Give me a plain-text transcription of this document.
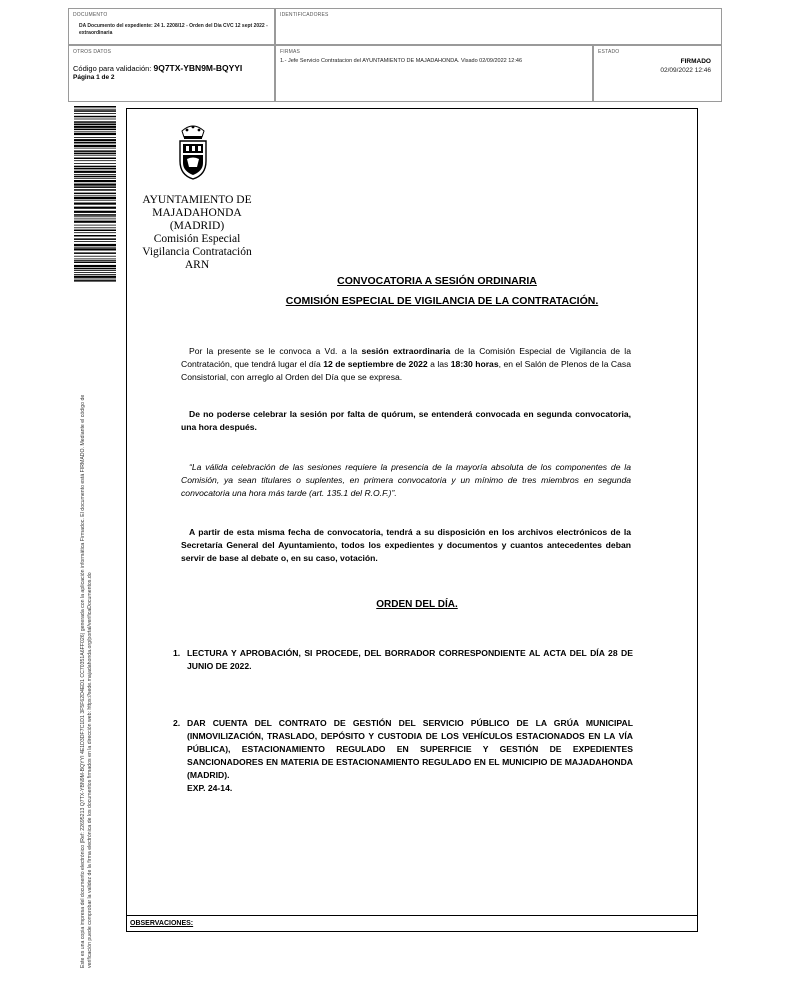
DOCUMENTO
DA Documento del expediente: 24 1. 2208/12 - Orden del Día CVC 12 sept 2022 - extraordinaria
IDENTIFICADORES
OTROS DATOS
Código para validación: 9Q7TX-YBN9M-BQYYI
Página 1 de 2
FIRMAS
1.- Jefe Servicio Contratacion del AYUNTAMIENTO DE MAJADAHONDA. Visado 02/09/2022 12:46
ESTADO
FIRMADO
02/09/2022 12:46
Este es una copia impresa del documento electrónico (Ref: 22695213 Q7TX-YBN9M-BQYYI 4E1D3DF7C1D1 3F5F62D4ED1 CC70351A6FF026) generada con la aplicación informática Firmadoc. El documento está FIRMADO. Mediante el código de verificación puede comprobar la validez de la firma electrónica de los documentos firmados en la dirección web: https://sede.majadahonda.org/portal/verificaDocumentos.do
AYUNTAMIENTO DE
MAJADAHONDA
(MADRID)
Comisión Especial
Vigilancia Contratación
ARN
CONVOCATORIA A SESIÓN ORDINARIA
COMISIÓN ESPECIAL DE VIGILANCIA DE LA CONTRATACIÓN.
Por la presente se le convoca a Vd. a la sesión extraordinaria de la Comisión Especial de Vigilancia de la Contratación, que tendrá lugar el día 12 de septiembre de 2022 a las 18:30 horas, en el Salón de Plenos de la Casa Consistorial, con arreglo al Orden del Día que se expresa.
De no poderse celebrar la sesión por falta de quórum, se entenderá convocada en segunda convocatoria, una hora después.
“La válida celebración de las sesiones requiere la presencia de la mayoría absoluta de los componentes de la Comisión, ya sean titulares o suplentes, en primera convocatoria y un mínimo de tres miembros en segunda convocatoria una hora más tarde (art. 135.1 del R.O.F.)”.
A partir de esta misma fecha de convocatoria, tendrá a su disposición en los archivos electrónicos de la Secretaría General del Ayuntamiento, todos los expedientes y documentos y cuantos antecedentes deban servir de base al debate o, en su caso, votación.
ORDEN DEL DÍA.
1. LECTURA Y APROBACIÓN, SI PROCEDE, DEL BORRADOR CORRESPONDIENTE AL ACTA DEL DÍA 28 DE JUNIO DE 2022.
2. DAR CUENTA DEL CONTRATO DE GESTIÓN DEL SERVICIO PÚBLICO DE LA GRÚA MUNICIPAL (INMOVILIZACIÓN, TRASLADO, DEPÓSITO Y CUSTODIA DE LOS VEHÍCULOS ESTACIONADOS EN LA VÍA PÚBLICA), ESTACIONAMIENTO REGULADO EN SUPERFICIE Y GESTIÓN DE EXPEDIENTES SANCIONADORES EN MATERIA DE ESTACIONAMIENTO REGULADO EN EL MUNICIPIO DE MAJADAHONDA (MADRID).
EXP. 24-14.
OBSERVACIONES:
